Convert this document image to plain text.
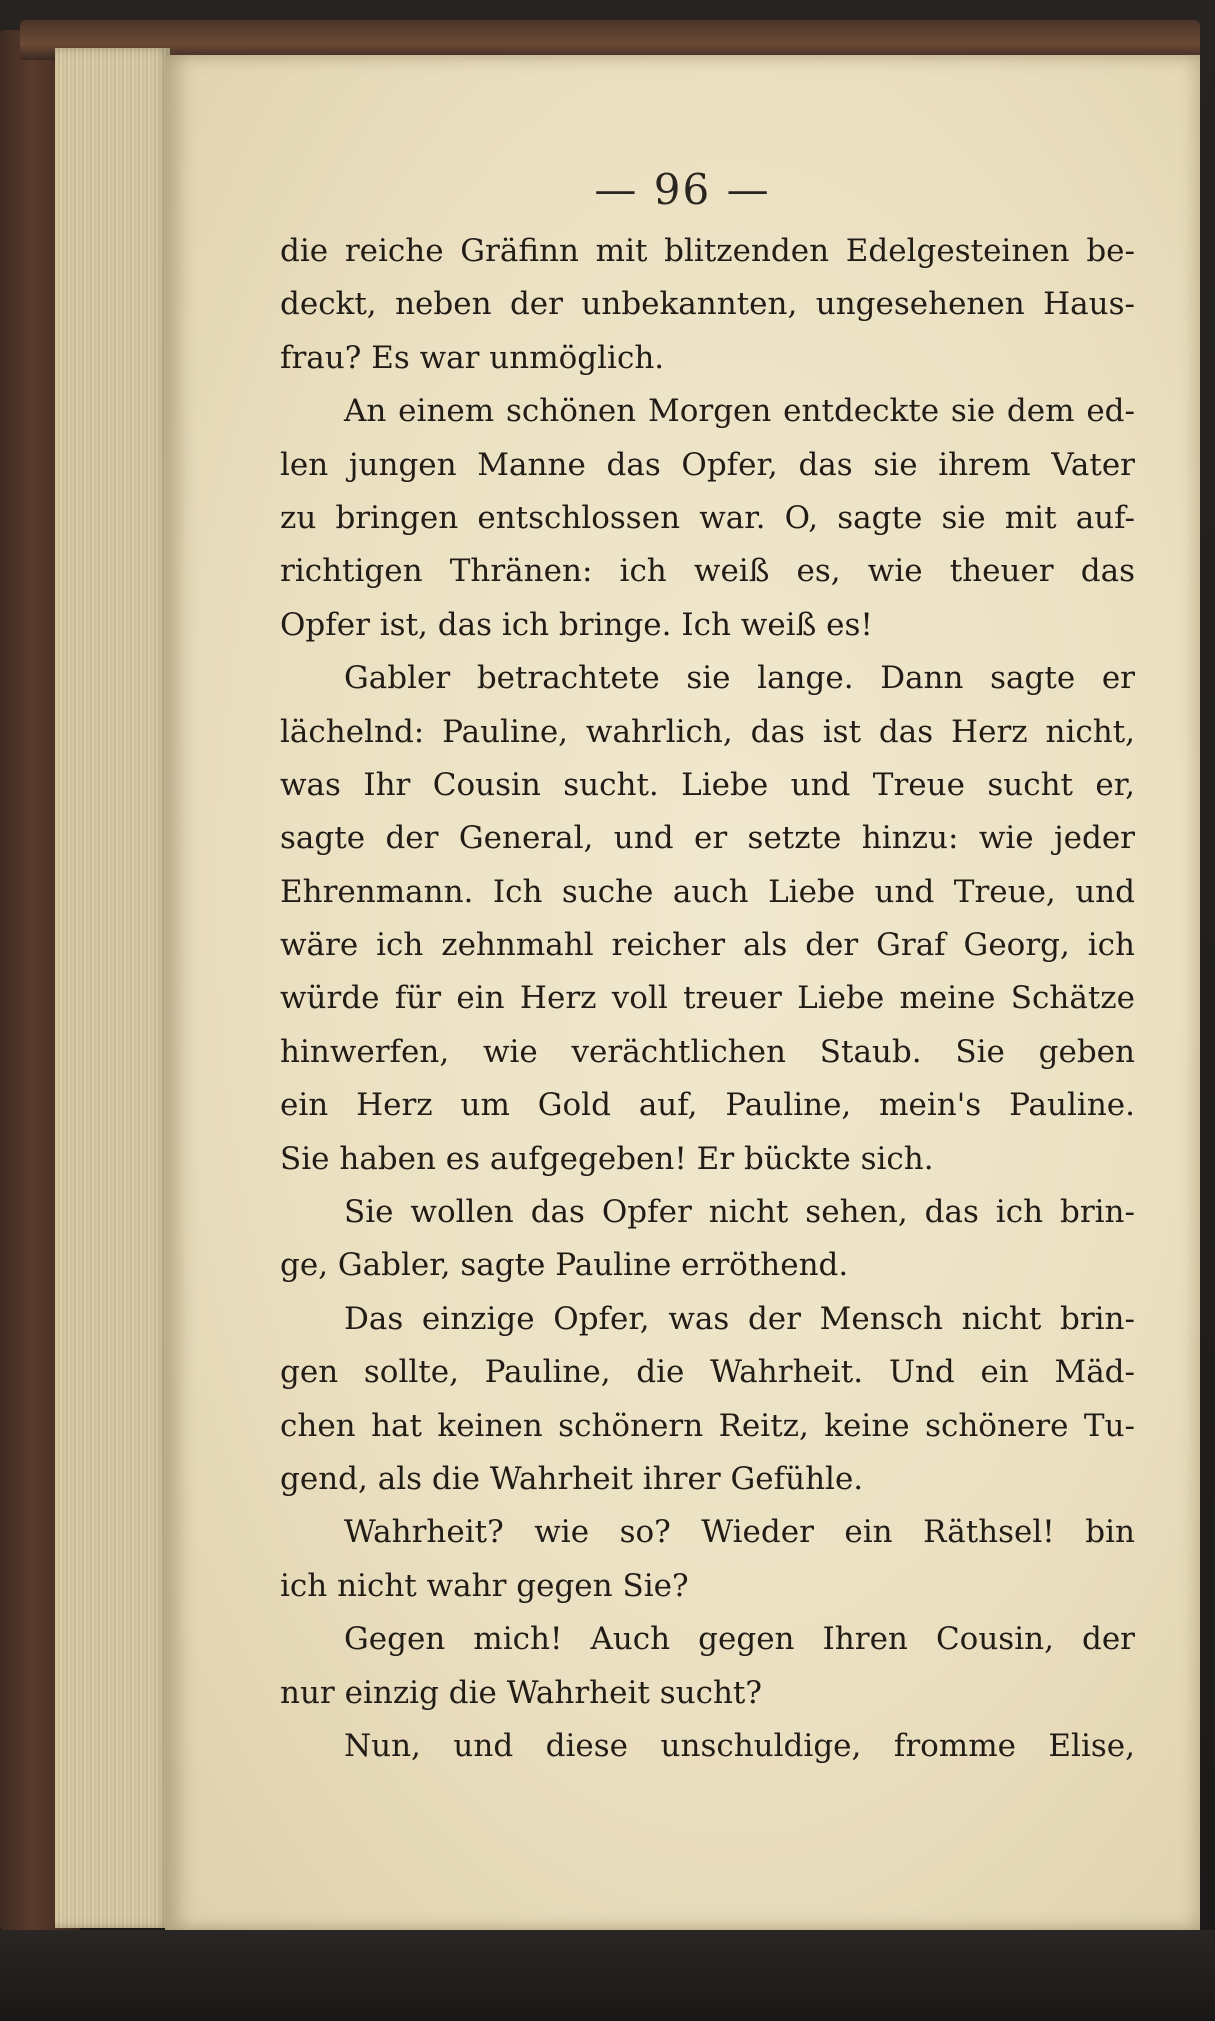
— 96 —
die reiche Gräfinn mit blitzenden Edelgesteinen be-
deckt, neben der unbekannten, ungesehenen Haus-
frau? Es war unmöglich.
An einem schönen Morgen entdeckte sie dem ed-
len jungen Manne das Opfer, das sie ihrem Vater
zu bringen entschlossen war. O, sagte sie mit auf-
richtigen Thränen: ich weiß es, wie theuer das
Opfer ist, das ich bringe. Ich weiß es!
Gabler betrachtete sie lange. Dann sagte er
lächelnd: Pauline, wahrlich, das ist das Herz nicht,
was Ihr Cousin sucht. Liebe und Treue sucht er,
sagte der General, und er setzte hinzu: wie jeder
Ehrenmann. Ich suche auch Liebe und Treue, und
wäre ich zehnmahl reicher als der Graf Georg, ich
würde für ein Herz voll treuer Liebe meine Schätze
hinwerfen, wie verächtlichen Staub. Sie geben
ein Herz um Gold auf, Pauline, mein's Pauline.
Sie haben es aufgegeben! Er bückte sich.
Sie wollen das Opfer nicht sehen, das ich brin-
ge, Gabler, sagte Pauline erröthend.
Das einzige Opfer, was der Mensch nicht brin-
gen sollte, Pauline, die Wahrheit. Und ein Mäd-
chen hat keinen schönern Reitz, keine schönere Tu-
gend, als die Wahrheit ihrer Gefühle.
Wahrheit? wie so? Wieder ein Räthsel! bin
ich nicht wahr gegen Sie?
Gegen mich! Auch gegen Ihren Cousin, der
nur einzig die Wahrheit sucht?
Nun, und diese unschuldige, fromme Elise,
